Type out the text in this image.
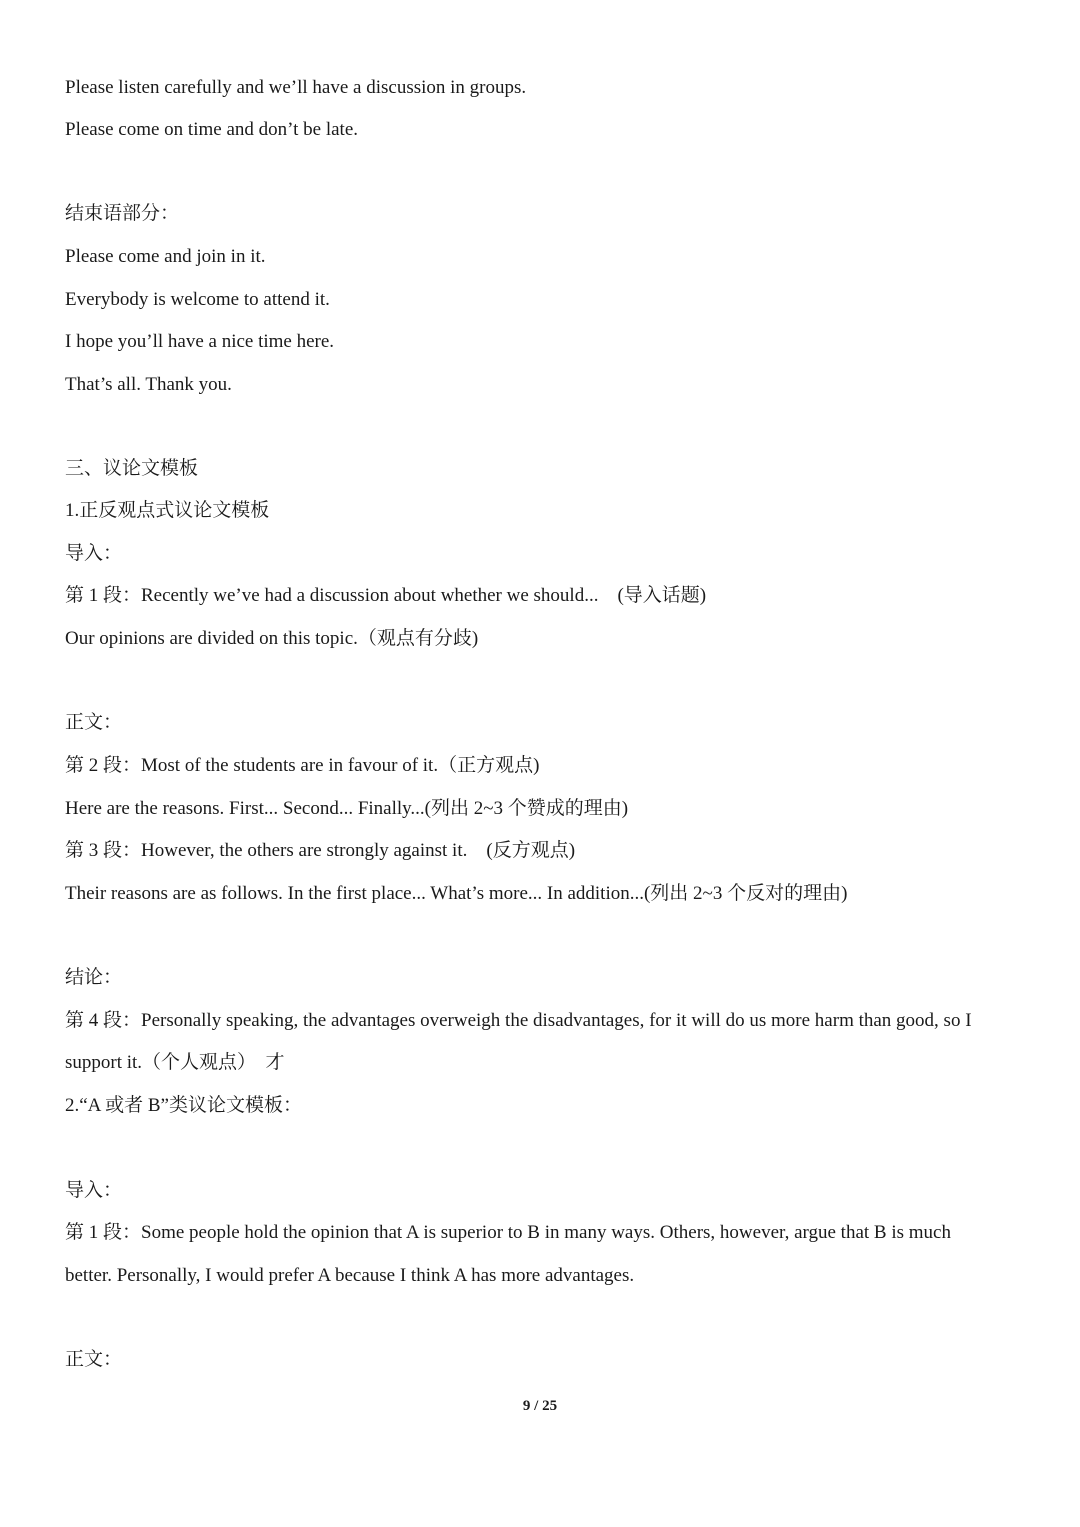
Please listen carefully and we’ll have a discussion in groups.
Please come on time and don’t be late.
结束语部分：
Please come and join in it.
Everybody is welcome to attend it.
I hope you’ll have a nice time here.
That’s all. Thank you.
三、议论文模板
1.正反观点式议论文模板
导入：
第 1 段：Recently we’ve had a discussion about whether we should...　(导入话题)
Our opinions are divided on this topic.（观点有分歧)
正文：
第 2 段：Most of the students are in favour of it.（正方观点)
Here are the reasons. First... Second... Finally...(列出 2~3 个赞成的理由)
第 3 段：However, the others are strongly against it.　(反方观点)
Their reasons are as follows. In the first place... What’s more... In addition...(列出 2~3 个反对的理由)
结论：
第 4 段：Personally speaking, the advantages overweigh the disadvantages, for it will do us more harm than good, so I
support it.（个人观点）　才
2.“A 或者 B”类议论文模板：
导入：
第 1 段：Some people hold the opinion that A is superior to B in many ways. Others, however, argue that B is much
better. Personally, I would prefer A because I think A has more advantages.
正文：
9 / 25
